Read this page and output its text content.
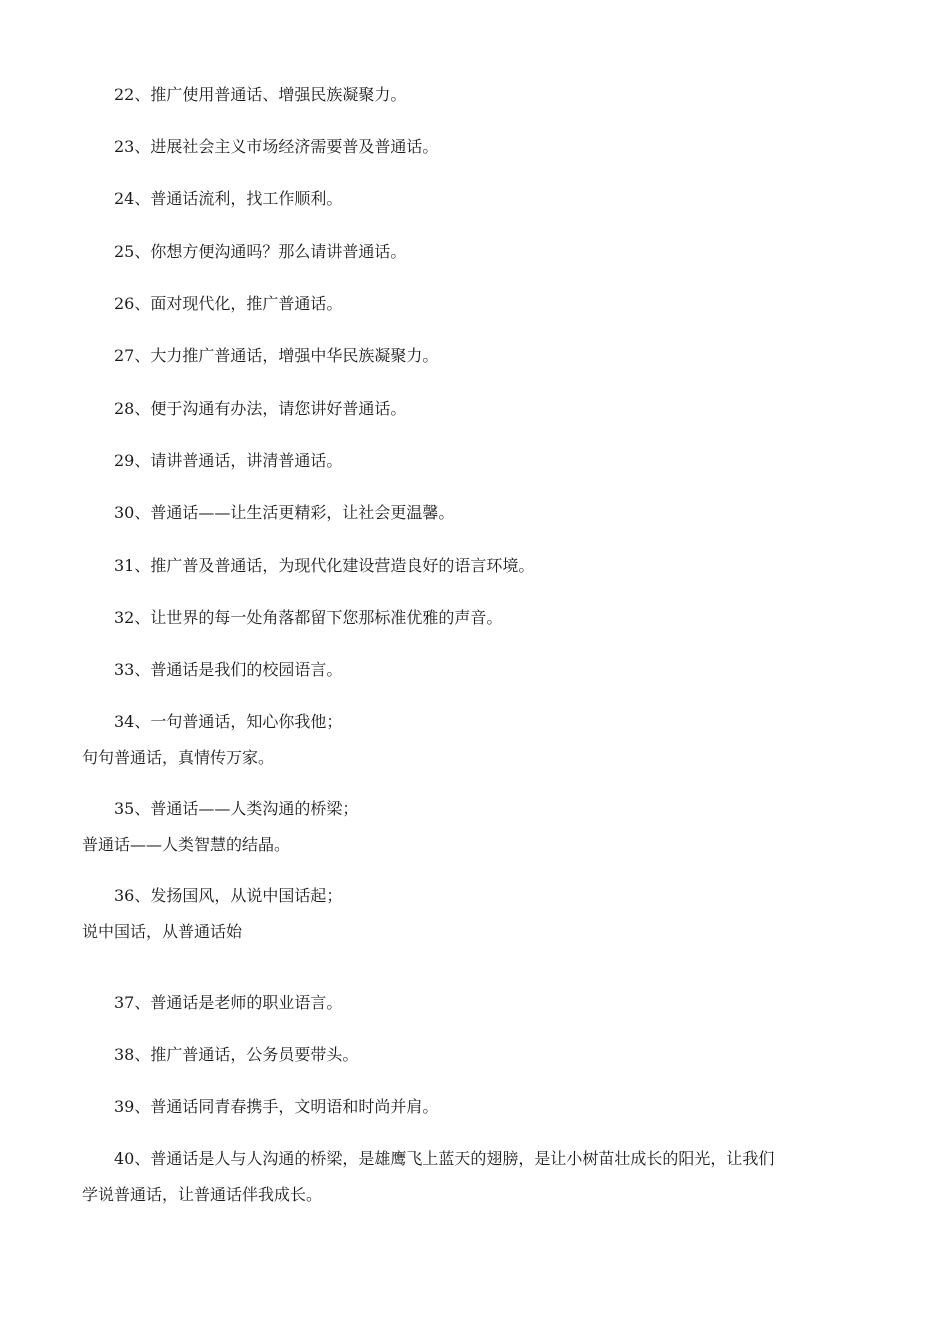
22、推广使用普通话、增强民族凝聚力。
23、进展社会主义市场经济需要普及普通话。
24、普通话流利，找工作顺利。
25、你想方便沟通吗？那么请讲普通话。
26、面对现代化，推广普通话。
27、大力推广普通话，增强中华民族凝聚力。
28、便于沟通有办法，请您讲好普通话。
29、请讲普通话，讲清普通话。
30、普通话——让生活更精彩，让社会更温馨。
31、推广普及普通话，为现代化建设营造良好的语言环境。
32、让世界的每一处角落都留下您那标准优雅的声音。
33、普通话是我们的校园语言。
34、一句普通话，知心你我他；
句句普通话，真情传万家。
35、普通话——人类沟通的桥梁；
普通话——人类智慧的结晶。
36、发扬国风，从说中国话起；
说中国话，从普通话始
37、普通话是老师的职业语言。
38、推广普通话，公务员要带头。
39、普通话同青春携手，文明语和时尚并肩。
40、普通话是人与人沟通的桥梁，是雄鹰飞上蓝天的翅膀，是让小树苗壮成长的阳光，让我们
学说普通话，让普通话伴我成长。
